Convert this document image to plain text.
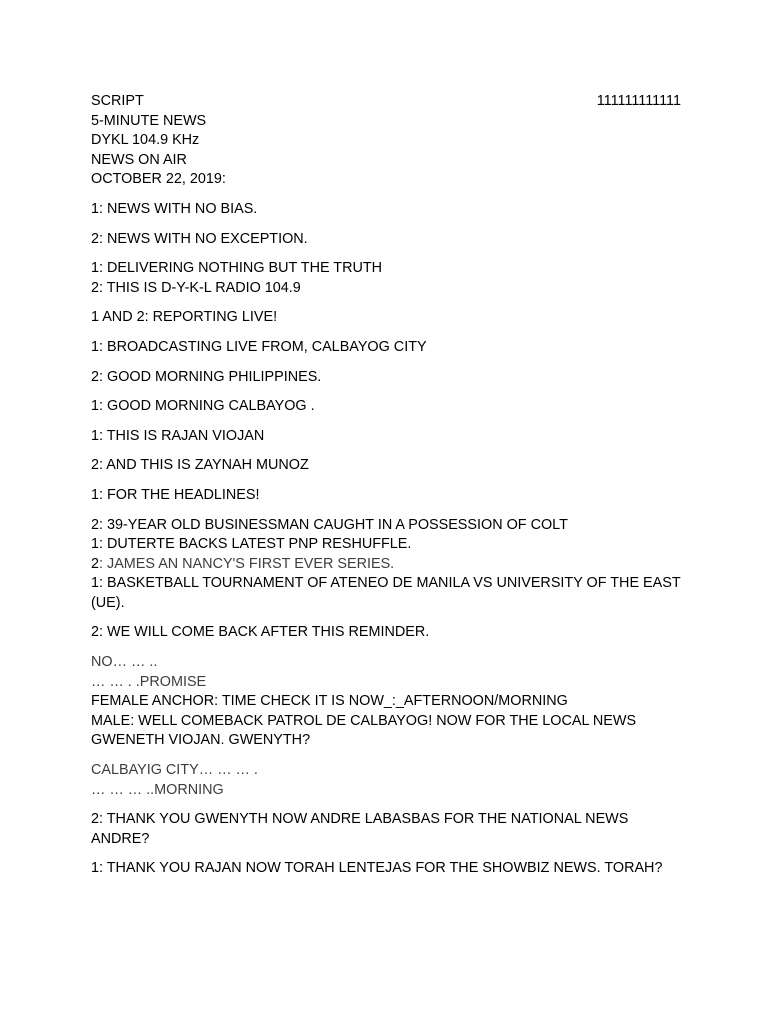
SCRIPT	111111111111
5-MINUTE NEWS
DYKL 104.9 KHz
NEWS ON AIR
OCTOBER 22, 2019:
1: NEWS WITH NO BIAS.
2: NEWS WITH NO EXCEPTION.
1: DELIVERING NOTHING BUT THE TRUTH
2: THIS IS D-Y-K-L RADIO 104.9
1 AND 2: REPORTING LIVE!
1: BROADCASTING LIVE FROM, CALBAYOG CITY
2: GOOD MORNING PHILIPPINES.
1: GOOD MORNING CALBAYOG .
1: THIS IS RAJAN VIOJAN
2: AND THIS IS ZAYNAH MUNOZ
1: FOR THE HEADLINES!
2: 39-YEAR OLD BUSINESSMAN CAUGHT IN A POSSESSION OF COLT
1: DUTERTE BACKS LATEST PNP RESHUFFLE.
2: JAMES AN NANCY'S FIRST EVER SERIES.
1: BASKETBALL TOURNAMENT OF ATENEO DE MANILA VS UNIVERSITY OF THE EAST (UE).
2: WE WILL COME BACK AFTER THIS REMINDER.
NO… … ..
… … . .PROMISE
FEMALE ANCHOR: TIME CHECK IT IS NOW_:_AFTERNOON/MORNING
MALE: WELL COMEBACK PATROL DE CALBAYOG! NOW FOR THE LOCAL NEWS GWENETH VIOJAN. GWENYTH?
CALBAYIG CITY… … … .
… … … ..MORNING
2: THANK YOU GWENYTH NOW ANDRE LABASBAS FOR THE NATIONAL NEWS ANDRE?
1: THANK YOU RAJAN NOW TORAH LENTEJAS FOR THE SHOWBIZ NEWS. TORAH?
